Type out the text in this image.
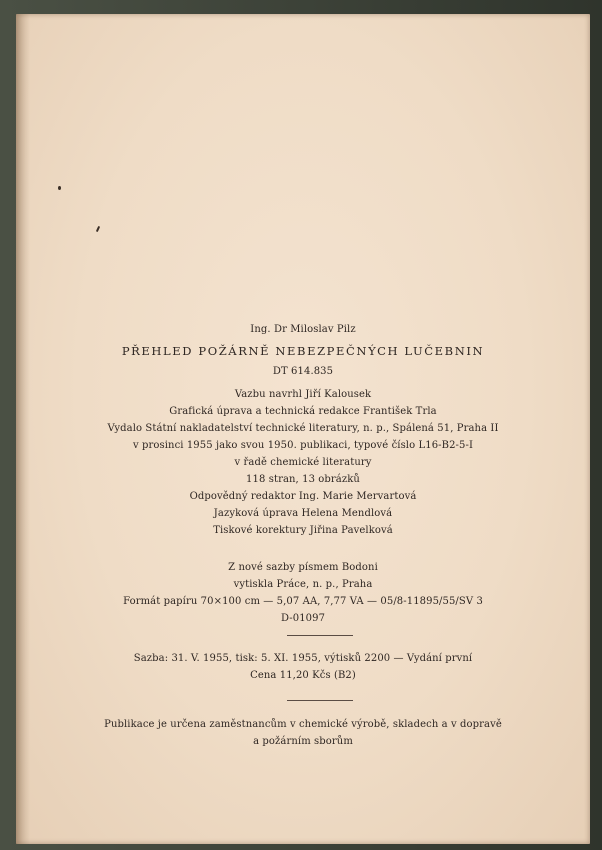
Ing. Dr Miloslav Pilz
PŘEHLED POŽÁRNĚ NEBEZPEČNÝCH LUČEBNIN
DT 614.835
Vazbu navrhl Jiří Kalousek
Grafická úprava a technická redakce František Trla
Vydalo Státní nakladatelství technické literatury, n. p., Spálená 51, Praha II
v prosinci 1955 jako svou 1950. publikaci, typové číslo L16-B2-5-I
v řadě chemické literatury
118 stran, 13 obrázků
Odpovědný redaktor Ing. Marie Mervartová
Jazyková úprava Helena Mendlová
Tiskové korektury Jiřina Pavelková
Z nové sazby písmem Bodoni
vytiskla Práce, n. p., Praha
Formát papíru 70×100 cm — 5,07 AA, 7,77 VA — 05/8-11895/55/SV 3
D-01097
Sazba: 31. V. 1955, tisk: 5. XI. 1955, výtisků 2200 — Vydání první
Cena 11,20 Kčs (B2)
Publikace je určena zaměstnancům v chemické výrobě, skladech a v dopravě
a požárním sborům
